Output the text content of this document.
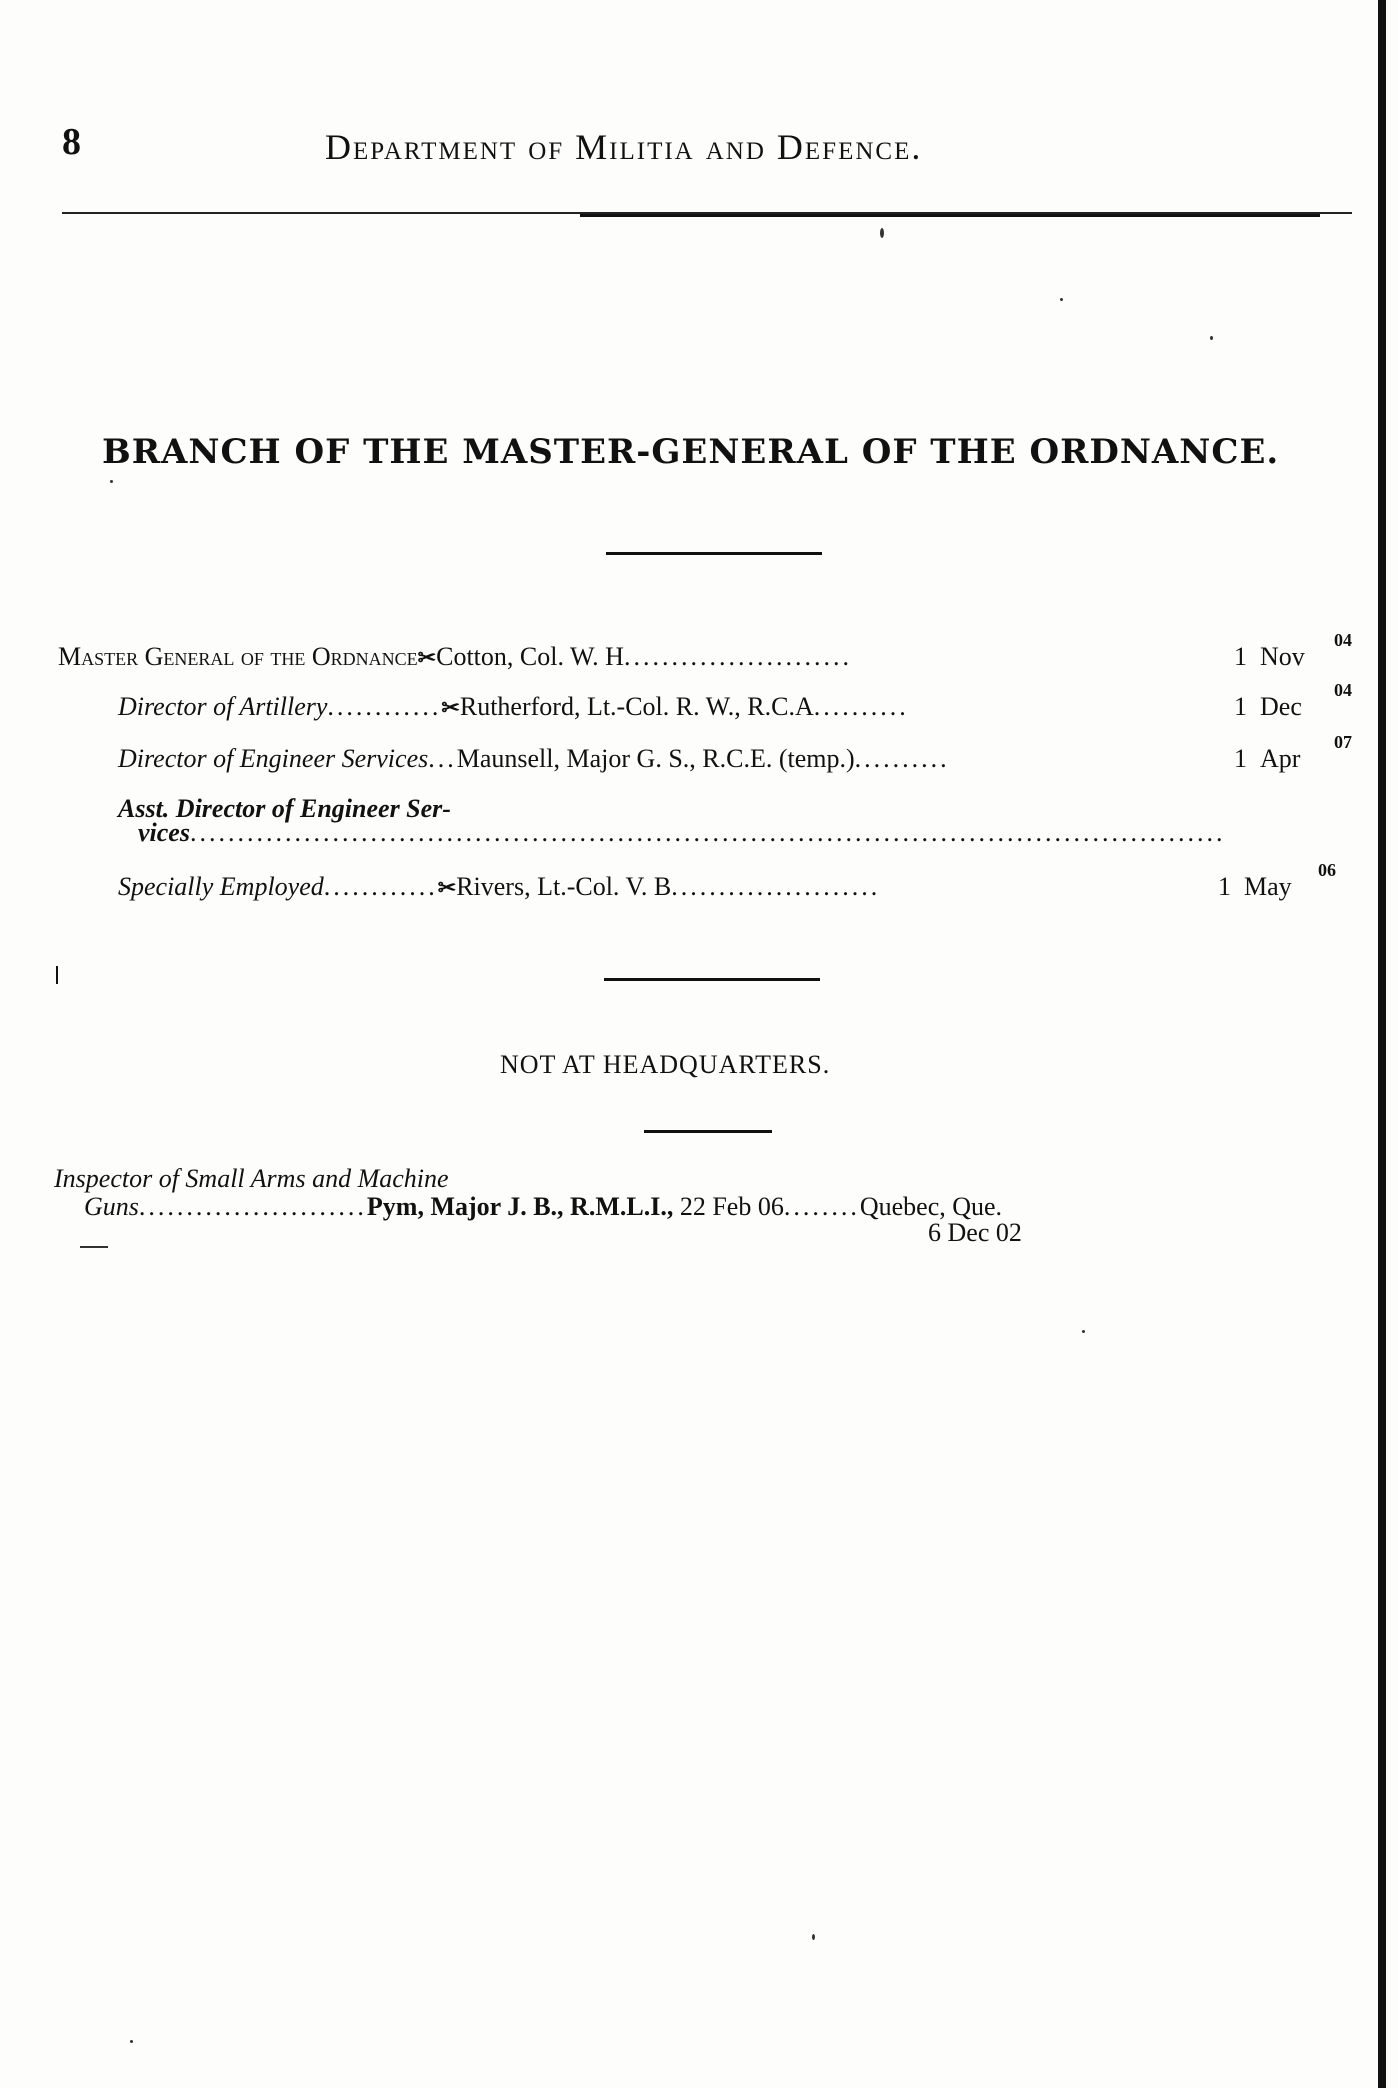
8	Department of Militia and Defence.
BRANCH OF THE MASTER-GENERAL OF THE ORDNANCE.
Master General of the Ordnance✂Cotton, Col. W. H........................	1 Nov
04
Director of Artillery............✂Rutherford, Lt.-Col. R. W., R.C.A..........	1 Dec
04
Director of Engineer Services...Maunsell, Major G. S., R.C.E. (temp.)..........	1 Apr
07
Asst. Director of Engineer Ser-
vices.............................................................................................................
Specially Employed............✂Rivers, Lt.-Col. V. B......................	1 May
06
NOT AT HEADQUARTERS.
Inspector of Small Arms and Machine
Guns........................Pym, Major J. B., R.M.L.I., 22 Feb 06........Quebec, Que.
6 Dec 02
